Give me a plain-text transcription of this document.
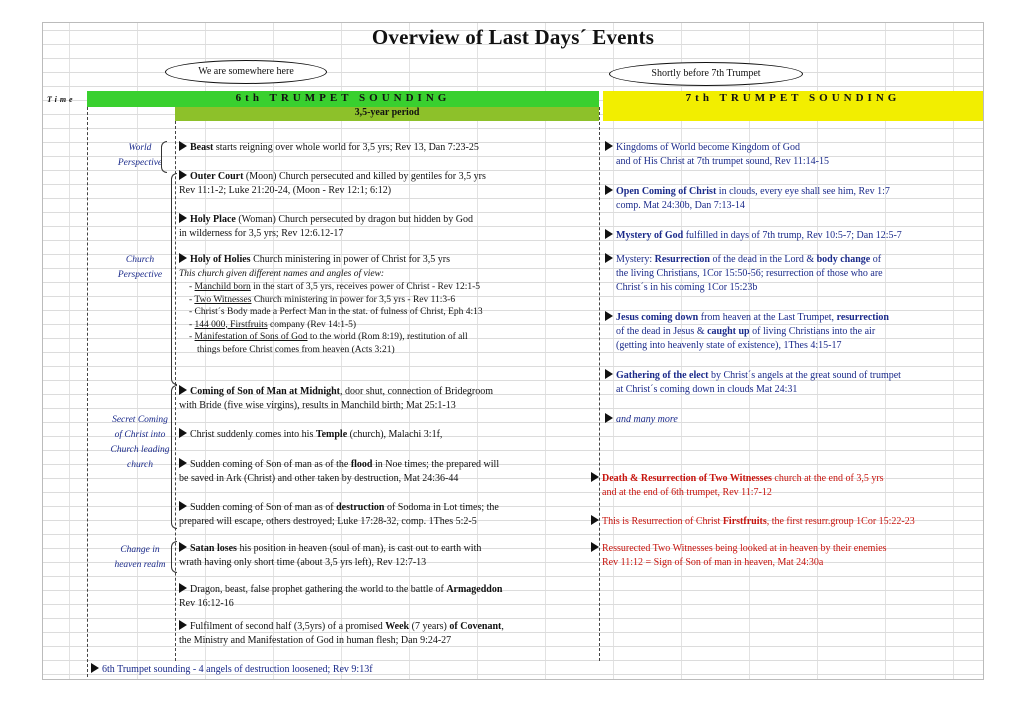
Overview of Last Days´ Events
We are somewhere here	Shortly before 7th Trumpet
Time	6th TRUMPET SOUNDING
3,5-year period
7th TRUMPET SOUNDING
World Perspective
Church Perspective
Secret Coming of Christ into Church leading church
Change in heaven realm
Beast starts reigning over whole world for 3,5 yrs; Rev 13, Dan 7:23-25
Outer Court (Moon) Church persecuted and killed by gentiles for 3,5 yrs
Rev 11:1-2; Luke 21:20-24, (Moon - Rev 12:1; 6:12)
Holy Place (Woman) Church persecuted by dragon but hidden by God
in wilderness for 3,5 yrs; Rev 12:6.12-17
Holy of Holies Church ministering in power of Christ for 3,5 yrs
This church given different names and angles of view:
- Manchild born in the start of 3,5 yrs, receives power of Christ - Rev 12:1-5
- Two Witnesses Church ministering in power for 3,5 yrs - Rev 11:3-6
- Christ´s Body made a Perfect Man in the stat. of fulness of Christ, Eph 4:13
- 144 000, Firstfruits company (Rev 14:1-5)
- Manifestation of Sons of God to the world (Rom 8:19), restitution of all
things before Christ comes from heaven (Acts 3:21)
Coming of Son of Man at Midnight, door shut, connection of Bridegroom
with Bride (five wise virgins), results in Manchild birth; Mat 25:1-13
Christ suddenly comes into his Temple (church), Malachi 3:1f,
Sudden coming of Son of man as of the flood in Noe times; the prepared will
be saved in Ark (Christ) and other taken by destruction, Mat 24:36-44
Sudden coming of Son of man as of destruction of Sodoma in Lot times; the
prepared will escape, others destroyed; Luke 17:28-32, comp. 1Thes 5:2-5
Satan loses his position in heaven (soul of man), is cast out to earth with
wrath having only short time (about 3,5 yrs left), Rev 12:7-13
Dragon, beast, false prophet gathering the world to the battle of Armageddon
Rev 16:12-16
Fulfilment of second half (3,5yrs) of a promised Week (7 years) of Covenant,
the Ministry and Manifestation of God in human flesh; Dan 9:24-27
6th Trumpet sounding - 4 angels of destruction loosened; Rev 9:13f
Kingdoms of World become Kingdom of God
and of His Christ at 7th trumpet sound, Rev 11:14-15
Open Coming of Christ in clouds, every eye shall see him, Rev 1:7
comp. Mat 24:30b, Dan 7:13-14
Mystery of God fulfilled in days of 7th trump, Rev 10:5-7; Dan 12:5-7
Mystery: Resurrection of the dead in the Lord & body change of
the living Christians, 1Cor 15:50-56; resurrection of those who are
Christ´s in his coming 1Cor 15:23b
Jesus coming down from heaven at the Last Trumpet, resurrection
of the dead in Jesus & caught up of living Christians into the air
(getting into heavenly state of existence), 1Thes 4:15-17
Gathering of the elect by Christ´s angels at the great sound of trumpet
at Christ´s coming down in clouds Mat 24:31
and many more
Death & Resurrection of Two Witnesses church at the end of 3,5 yrs
and at the end of 6th trumpet, Rev 11:7-12
This is Resurrection of Christ Firstfruits, the first resurr.group 1Cor 15:22-23
Ressurected Two Witnesses being looked at in heaven by their enemies
Rev 11:12 = Sign of Son of man in heaven, Mat 24:30a
